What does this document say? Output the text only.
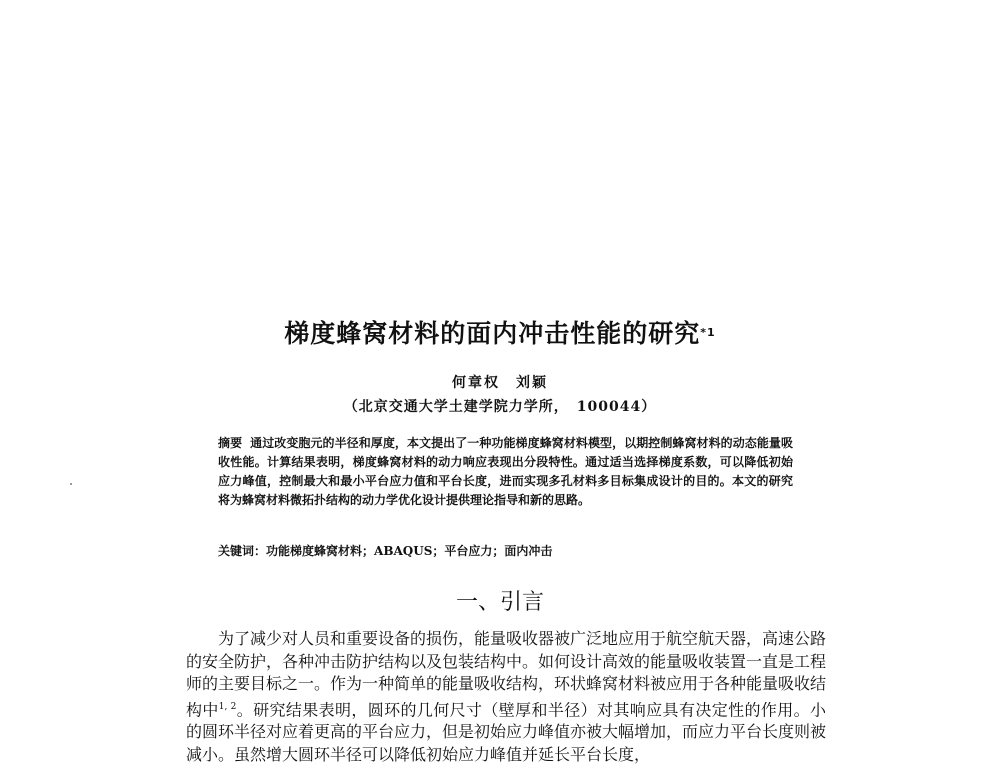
梯度蜂窝材料的面内冲击性能的研究$^{*1}$
何章权　刘颖
（北京交通大学土建学院力学所，　100044）
摘要 通过改变胞元的半径和厚度，本文提出了一种功能梯度蜂窝材料模型，以期控制蜂窝材料的动态能量吸收性能。计算结果表明，梯度蜂窝材料的动力响应表现出分段特性。通过适当选择梯度系数，可以降低初始应力峰值，控制最大和最小平台应力值和平台长度，进而实现多孔材料多目标集成设计的目的。本文的研究将为蜂窝材料微拓扑结构的动力学优化设计提供理论指导和新的思路。
关键词：功能梯度蜂窝材料；ABAQUS；平台应力；面内冲击
一、引言
为了减少对人员和重要设备的损伤，能量吸收器被广泛地应用于航空航天器，高速公路的安全防护，各种冲击防护结构以及包装结构中。如何设计高效的能量吸收装置一直是工程师的主要目标之一。作为一种简单的能量吸收结构，环状蜂窝材料被应用于各种能量吸收结构中$^{1, 2}$。研究结果表明，圆环的几何尺寸（壁厚和半径）对其响应具有决定性的作用。小的圆环半径对应着更高的平台应力，但是初始应力峰值亦被大幅增加，而应力平台长度则被减小。虽然增大圆环半径可以降低初始应力峰值并延长平台长度，
